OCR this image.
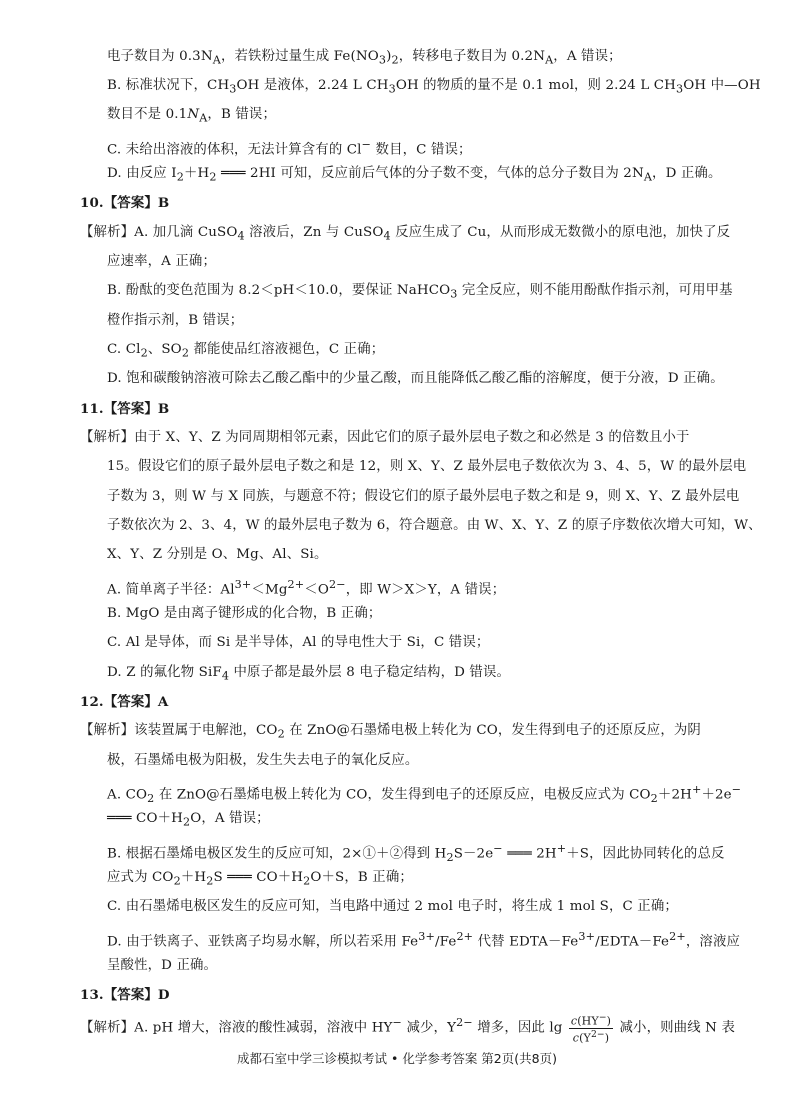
电子数目为 $0.3N_A$，若铁粉过量生成 $Fe(NO_3)_2$，转移电子数目为 $0.2N_A$，A 错误；
B. 标准状况下，$CH_3OH$ 是液体，2.24 L $CH_3OH$ 的物质的量不是 0.1 mol，则 2.24 L $CH_3OH$ 中—OH
数目不是 $0.1N_A$，B 错误；
C. 未给出溶液的体积，无法计算含有的 Cl− 数目，C 错误；
D. 由反应 $I_2+H_2$ ═══ 2HI 可知，反应前后气体的分子数不变，气体的总分子数目为 $2N_A$，D 正确。
10.【答案】B
【解析】A. 加几滴 CuSO$_4$ 溶液后，Zn 与 CuSO$_4$ 反应生成了 Cu，从而形成无数微小的原电池，加快了反
应速率，A 正确；
B. 酚酞的变色范围为 8.2＜pH＜10.0，要保证 NaHCO$_3$ 完全反应，则不能用酚酞作指示剂，可用甲基
橙作指示剂，B 错误；
C. $Cl_2$、$SO_2$ 都能使品红溶液褪色，C 正确；
D. 饱和碳酸钠溶液可除去乙酸乙酯中的少量乙酸，而且能降低乙酸乙酯的溶解度，便于分液，D 正确。
11.【答案】B
【解析】由于 X、Y、Z 为同周期相邻元素，因此它们的原子最外层电子数之和必然是 3 的倍数且小于
15。假设它们的原子最外层电子数之和是 12，则 X、Y、Z 最外层电子数依次为 3、4、5，W 的最外层电
子数为 3，则 W 与 X 同族，与题意不符；假设它们的原子最外层电子数之和是 9，则 X、Y、Z 最外层电
子数依次为 2、3、4，W 的最外层电子数为 6，符合题意。由 W、X、Y、Z 的原子序数依次增大可知，W、
X、Y、Z 分别是 O、Mg、Al、Si。
A. 简单离子半径：$Al^{3+}<Mg^{2+}<O^{2-}$，即 W＞X＞Y，A 错误；
B. MgO 是由离子键形成的化合物，B 正确；
C. Al 是导体，而 Si 是半导体，Al 的导电性大于 Si，C 错误；
D. Z 的氟化物 SiF$_4$ 中原子都是最外层 8 电子稳定结构，D 错误。
12.【答案】A
【解析】该装置属于电解池，$CO_2$ 在 ZnO@石墨烯电极上转化为 CO，发生得到电子的还原反应，为阴
极，石墨烯电极为阳极，发生失去电子的氧化反应。
A. $CO_2$ 在 ZnO@石墨烯电极上转化为 CO，发生得到电子的还原反应，电极反应式为 $CO_2+2H^++2e^-$
═══ $CO+H_2O$，A 错误；
B. 根据石墨烯电极区发生的反应可知，2×①＋②得到 $H_2S-2e^-$ ═══ 2H+＋S，因此协同转化的总反
应式为 $CO_2+H_2S$ ═══ $CO+H_2O+S$，B 正确；
C. 由石墨烯电极区发生的反应可知，当电路中通过 2 mol 电子时，将生成 1 mol S，C 正确；
D. 由于铁离子、亚铁离子均易水解，所以若采用 $Fe^{3+}/Fe^{2+}$ 代替 $EDTA-Fe^{3+}/EDTA-Fe^{2+}$，溶液应
呈酸性，D 正确。
13.【答案】D
【解析】A. pH 增大，溶液的酸性减弱，溶液中 HY− 减少，$Y^{2-}$ 增多，因此 $\lg \frac{c(HY^-)}{c(Y^{2-})}$ 减小，则曲线 N 表
成都石室中学三诊模拟考试 • 化学参考答案 第2页(共8页)
